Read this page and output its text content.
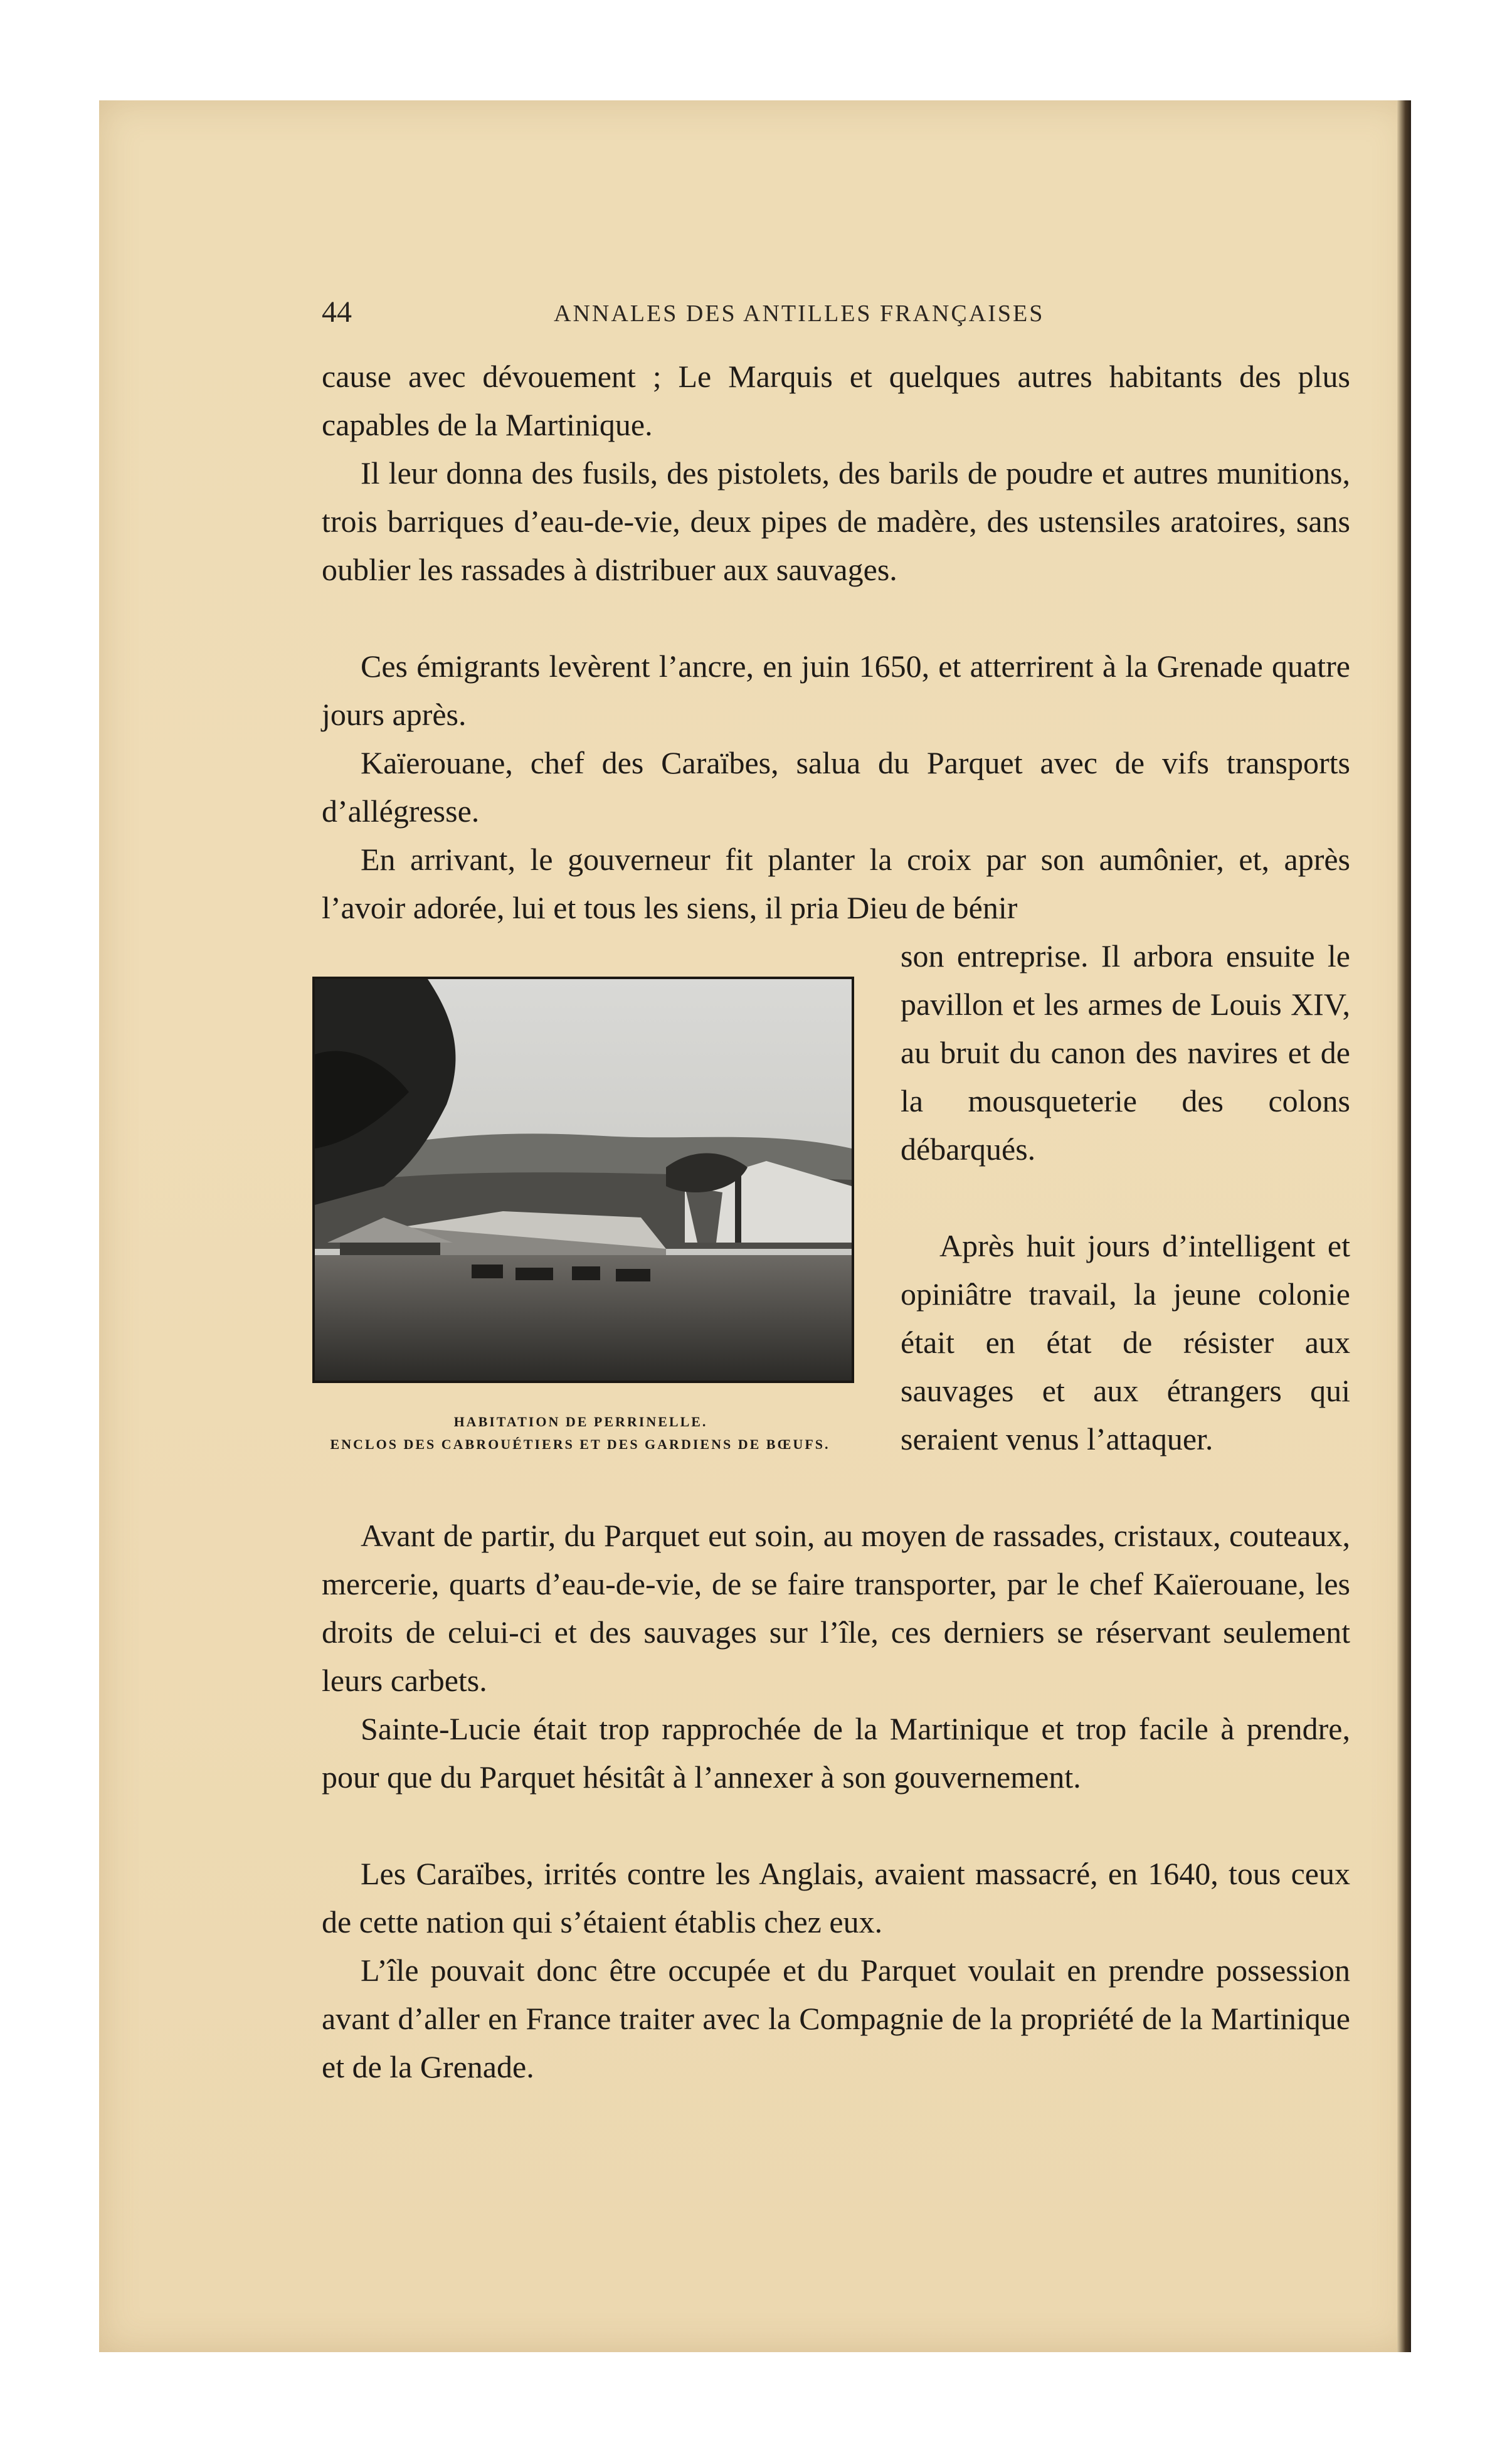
44	ANNALES DES ANTILLES FRANÇAISES

cause avec dévouement ; Le Marquis et quelques autres habitants des plus capables de la Martinique.

Il leur donna des fusils, des pistolets, des barils de poudre et autres munitions, trois barriques d’eau-de-vie, deux pipes de madère, des ustensiles aratoires, sans oublier les rassades à distribuer aux sauvages.

Ces émigrants levèrent l’ancre, en juin 1650, et atterrirent à la Grenade quatre jours après.

Kaïerouane, chef des Caraïbes, salua du Parquet avec de vifs transports d’allégresse.

En arrivant, le gouverneur fit planter la croix par son aumônier, et, après l’avoir adorée, lui et tous les siens, il pria Dieu de bénir

son entreprise. Il arbora ensuite le pavillon et les armes de Louis XIV, au bruit du canon des navires et de la mousqueterie des colons débarqués.

Après huit jours d’intelligent et opiniâtre travail, la jeune colonie était en état de résister aux sauvages et aux étrangers qui seraient venus l’attaquer.

Avant de partir, du Parquet eut soin, au moyen de rassades, cristaux, couteaux, mercerie, quarts d’eau-de-vie, de se faire transporter, par le chef Kaïerouane, les droits de celui-ci et des sauvages sur l’île, ces derniers se réservant seulement leurs carbets.

Sainte-Lucie était trop rapprochée de la Martinique et trop facile à prendre, pour que du Parquet hésitât à l’annexer à son gouvernement.

Les Caraïbes, irrités contre les Anglais, avaient massacré, en 1640, tous ceux de cette nation qui s’étaient établis chez eux.

L’île pouvait donc être occupée et du Parquet voulait en prendre possession avant d’aller en France traiter avec la Compagnie de la propriété de la Martinique et de la Grenade.

HABITATION DE PERRINELLE.
ENCLOS DES CABROUÉTIERS ET DES GARDIENS DE BŒUFS.
